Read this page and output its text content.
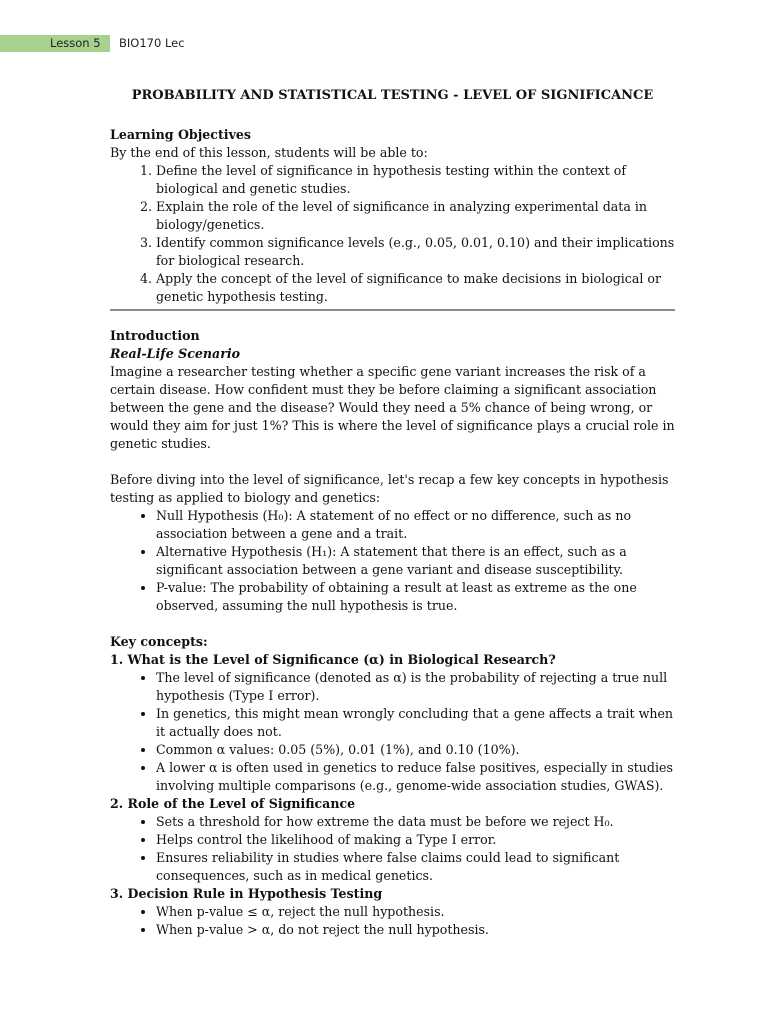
Lesson 5 BIO170 Lec

PROBABILITY AND STATISTICAL TESTING - LEVEL OF SIGNIFICANCE

Learning Objectives

By the end of this lesson, students will be able to:

1. Define the level of significance in hypothesis testing within the context of biological and genetic studies.
2. Explain the role of the level of significance in analyzing experimental data in biology/genetics.
3. Identify common significance levels (e.g., 0.05, 0.01, 0.10) and their implications for biological research.
4. Apply the concept of the level of significance to make decisions in biological or genetic hypothesis testing.

Introduction

Real-Life Scenario

Imagine a researcher testing whether a specific gene variant increases the risk of a certain disease. How confident must they be before claiming a significant association between the gene and the disease? Would they need a 5% chance of being wrong, or would they aim for just 1%? This is where the level of significance plays a crucial role in genetic studies.

Before diving into the level of significance, let's recap a few key concepts in hypothesis testing as applied to biology and genetics:

• Null Hypothesis (H₀): A statement of no effect or no difference, such as no association between a gene and a trait.
• Alternative Hypothesis (H₁): A statement that there is an effect, such as a significant association between a gene variant and disease susceptibility.
• P-value: The probability of obtaining a result at least as extreme as the one observed, assuming the null hypothesis is true.

Key concepts:

1. What is the Level of Significance (α) in Biological Research?

• The level of significance (denoted as α) is the probability of rejecting a true null hypothesis (Type I error).
• In genetics, this might mean wrongly concluding that a gene affects a trait when it actually does not.
• Common α values: 0.05 (5%), 0.01 (1%), and 0.10 (10%).
• A lower α is often used in genetics to reduce false positives, especially in studies involving multiple comparisons (e.g., genome-wide association studies, GWAS).

2. Role of the Level of Significance

• Sets a threshold for how extreme the data must be before we reject H₀.
• Helps control the likelihood of making a Type I error.
• Ensures reliability in studies where false claims could lead to significant consequences, such as in medical genetics.

3. Decision Rule in Hypothesis Testing

• When p-value ≤ α, reject the null hypothesis.
• When p-value > α, do not reject the null hypothesis.
